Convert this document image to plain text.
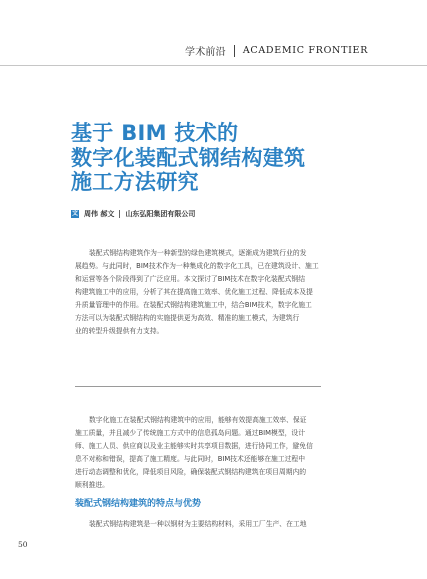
学术前沿 ACADEMIC FRONTIER
基于 BIM 技术的
数字化装配式钢结构建筑
施工方法研究
文 周伟 郝文 山东弘阳集团有限公司
装配式钢结构建筑作为一种新型的绿色建筑模式，逐渐成为建筑行业的发
展趋势。与此同时，BIM技术作为一种集成化的数字化工具，已在建筑设计、施工
和运营等各个阶段得到了广泛应用。本文探讨了BIM技术在数字化装配式钢结
构建筑施工中的应用，分析了其在提高施工效率、优化施工过程、降低成本及提
升质量管理中的作用。在装配式钢结构建筑施工中，结合BIM技术，数字化施工
方法可以为装配式钢结构的实施提供更为高效、精准的施工模式，为建筑行
业的转型升级提供有力支持。
数字化施工在装配式钢结构建筑中的应用，能够有效提高施工效率、保证
施工质量，并且减少了传统施工方式中的信息孤岛问题。通过BIM模型，设计
师、施工人员、供应商以及业主能够实时共享项目数据，进行协同工作，避免信
息不对称和错误，提高了施工精度。与此同时，BIM技术还能够在施工过程中
进行动态调整和优化，降低项目风险，确保装配式钢结构建筑在项目周期内的
顺利推进。
装配式钢结构建筑的特点与优势
装配式钢结构建筑是一种以钢材为主要结构材料，采用工厂生产、在工地
50
